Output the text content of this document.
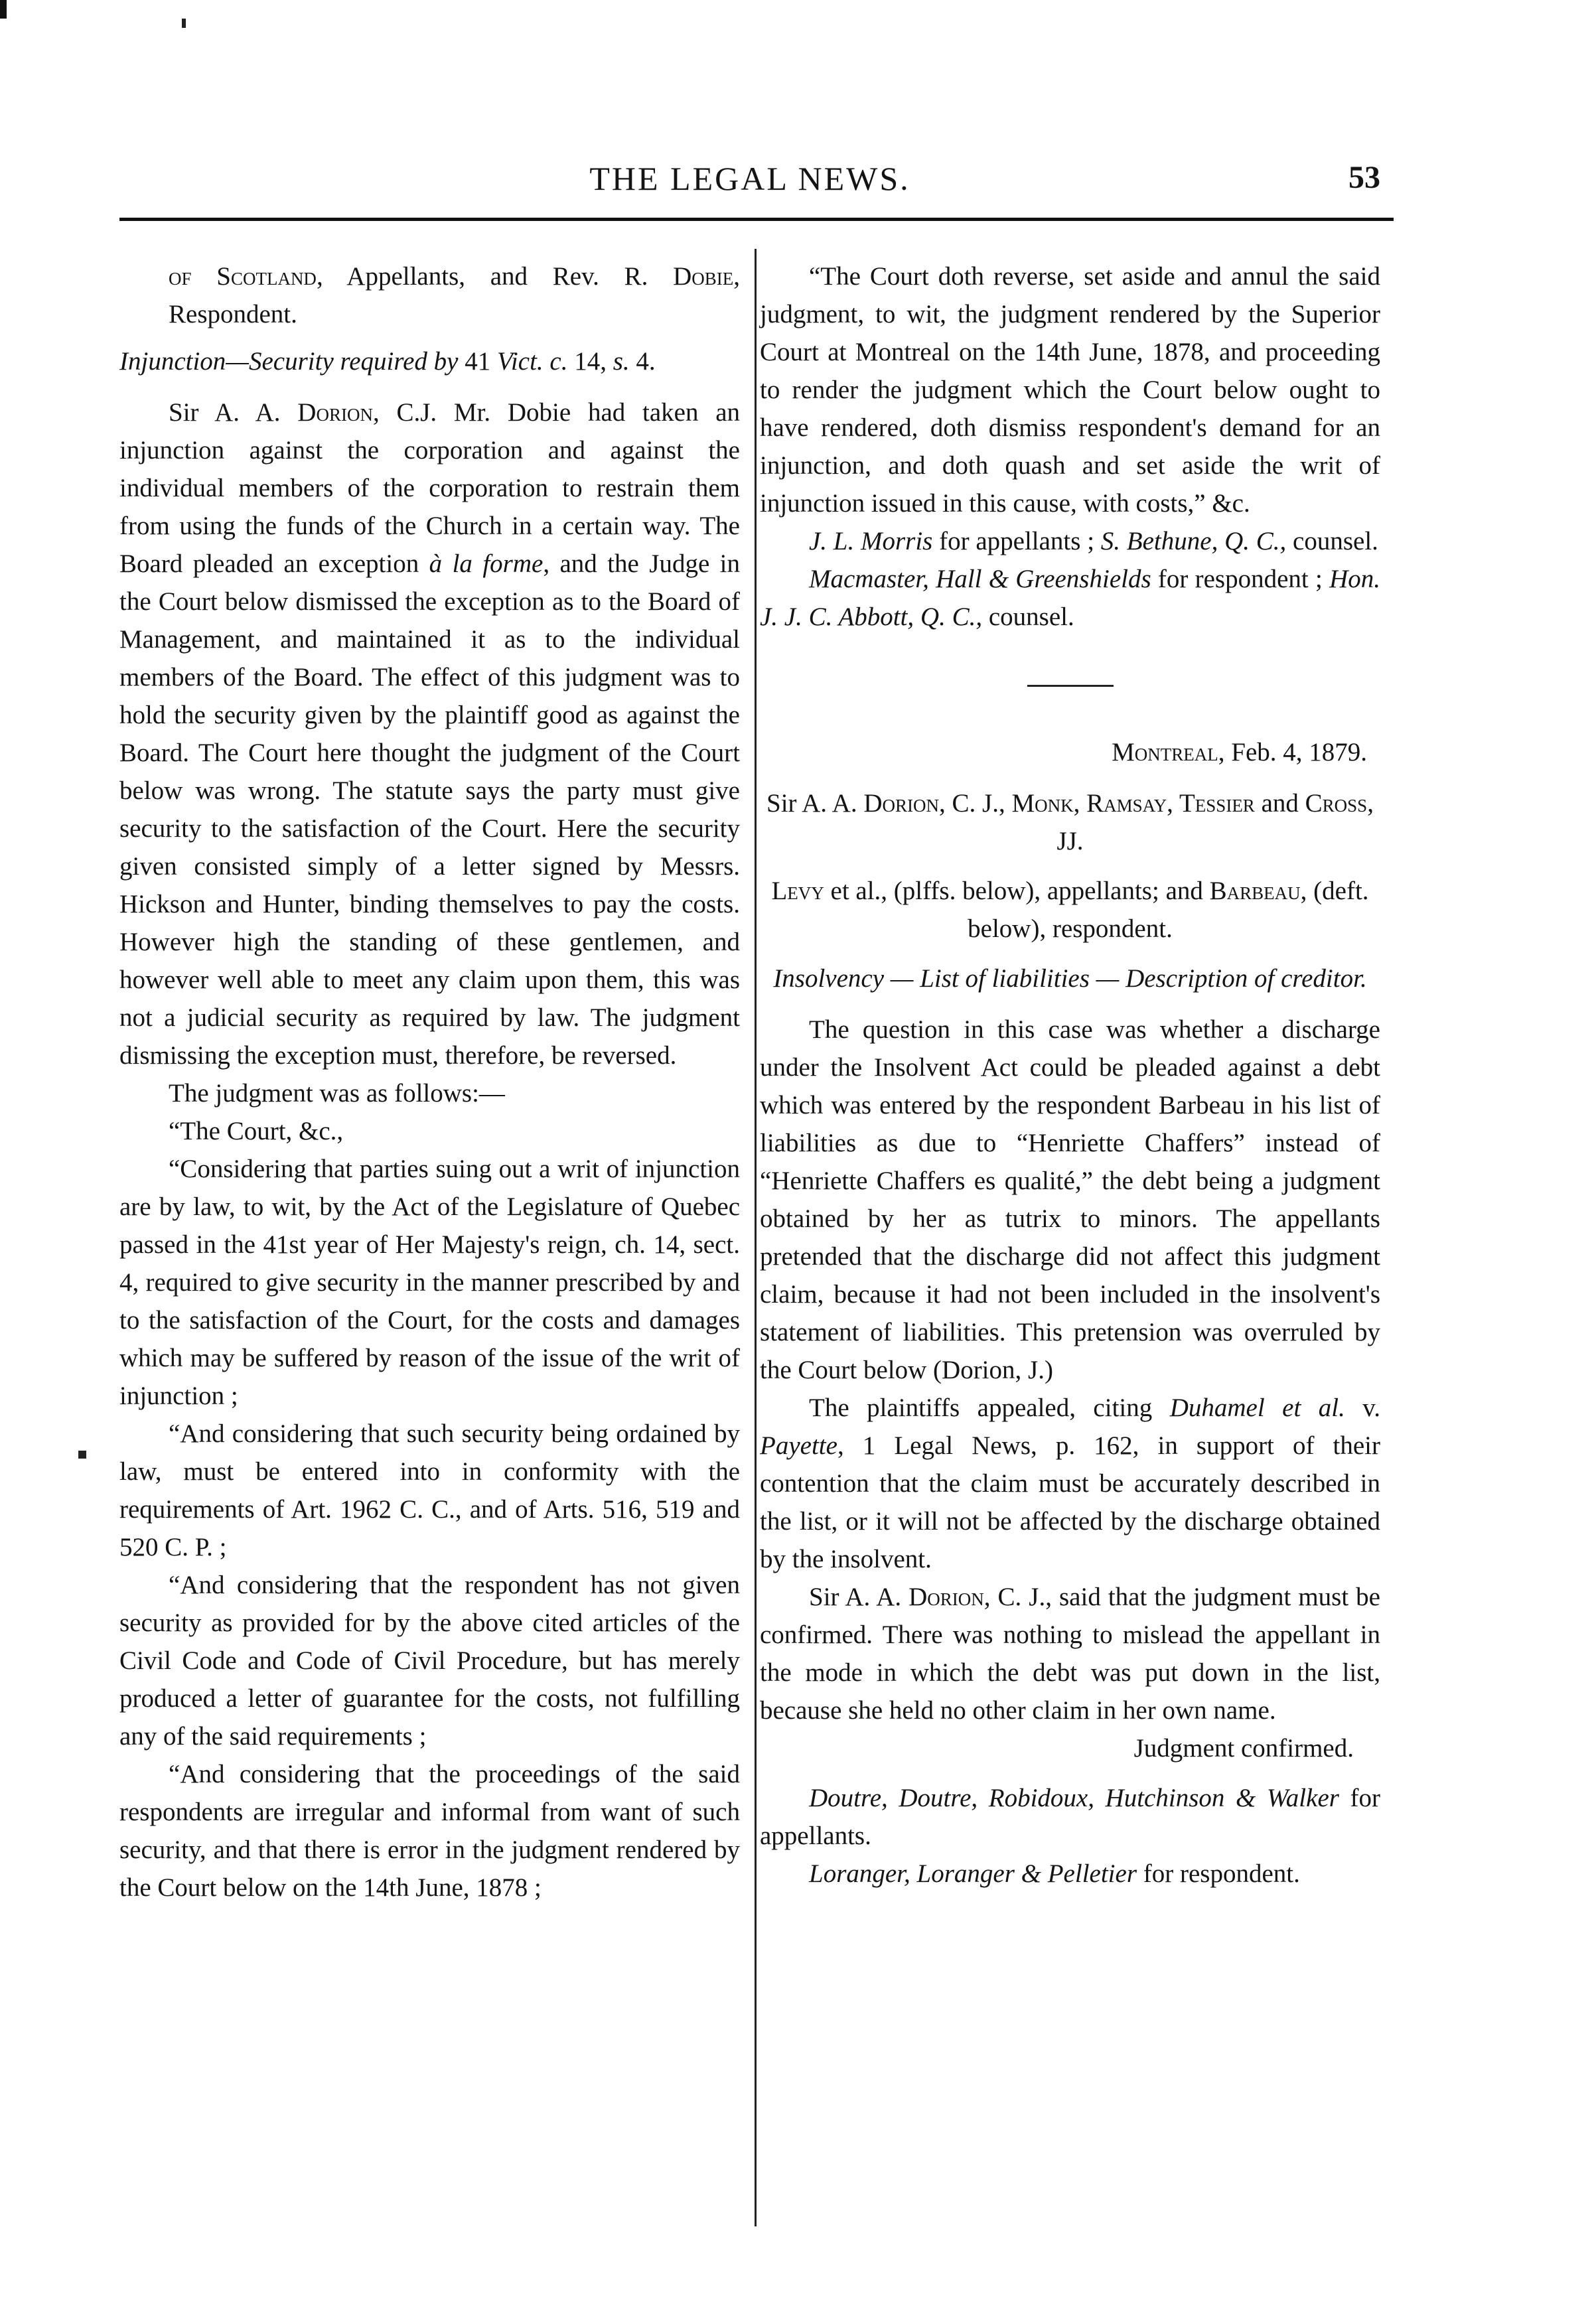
THE LEGAL NEWS.	53

of Scotland, Appellants, and Rev. R. Dobie, Respondent.

Injunction—Security required by 41 Vict. c. 14, s. 4.

Sir A. A. Dorion, C.J. Mr. Dobie had taken an injunction against the corporation and against the individual members of the corporation to restrain them from using the funds of the Church in a certain way. The Board pleaded an exception à la forme, and the Judge in the Court below dismissed the exception as to the Board of Management, and maintained it as to the individual members of the Board. The effect of this judgment was to hold the security given by the plaintiff good as against the Board. The Court here thought the judgment of the Court below was wrong. The statute says the party must give security to the satisfaction of the Court. Here the security given consisted simply of a letter signed by Messrs. Hickson and Hunter, binding themselves to pay the costs. However high the standing of these gentlemen, and however well able to meet any claim upon them, this was not a judicial security as required by law. The judgment dismissing the exception must, therefore, be reversed.

The judgment was as follows:—

“The Court, &c.,

“Considering that parties suing out a writ of injunction are by law, to wit, by the Act of the Legislature of Quebec passed in the 41st year of Her Majesty's reign, ch. 14, sect. 4, required to give security in the manner prescribed by and to the satisfaction of the Court, for the costs and damages which may be suffered by reason of the issue of the writ of injunction ;

“And considering that such security being ordained by law, must be entered into in conformity with the requirements of Art. 1962 C. C., and of Arts. 516, 519 and 520 C. P. ;

“And considering that the respondent has not given security as provided for by the above cited articles of the Civil Code and Code of Civil Procedure, but has merely produced a letter of guarantee for the costs, not fulfilling any of the said requirements ;

“And considering that the proceedings of the said respondents are irregular and informal from want of such security, and that there is error in the judgment rendered by the Court below on the 14th June, 1878 ;

“The Court doth reverse, set aside and annul the said judgment, to wit, the judgment rendered by the Superior Court at Montreal on the 14th June, 1878, and proceeding to render the judgment which the Court below ought to have rendered, doth dismiss respondent's demand for an injunction, and doth quash and set aside the writ of injunction issued in this cause, with costs,” &c.

J. L. Morris for appellants ; S. Bethune, Q. C., counsel.

Macmaster, Hall & Greenshields for respondent ; Hon. J. J. C. Abbott, Q. C., counsel.

Montreal, Feb. 4, 1879.

Sir A. A. Dorion, C. J., Monk, Ramsay, Tessier and Cross, JJ.

Levy et al., (plffs. below), appellants; and Barbeau, (deft. below), respondent.

Insolvency — List of liabilities — Description of creditor.

The question in this case was whether a discharge under the Insolvent Act could be pleaded against a debt which was entered by the respondent Barbeau in his list of liabilities as due to “Henriette Chaffers” instead of “Henriette Chaffers es qualité,” the debt being a judgment obtained by her as tutrix to minors. The appellants pretended that the discharge did not affect this judgment claim, because it had not been included in the insolvent's statement of liabilities. This pretension was overruled by the Court below (Dorion, J.)

The plaintiffs appealed, citing Duhamel et al. v. Payette, 1 Legal News, p. 162, in support of their contention that the claim must be accurately described in the list, or it will not be affected by the discharge obtained by the insolvent.

Sir A. A. Dorion, C. J., said that the judgment must be confirmed. There was nothing to mislead the appellant in the mode in which the debt was put down in the list, because she held no other claim in her own name.

Judgment confirmed.

Doutre, Doutre, Robidoux, Hutchinson & Walker for appellants.

Loranger, Loranger & Pelletier for respondent.
